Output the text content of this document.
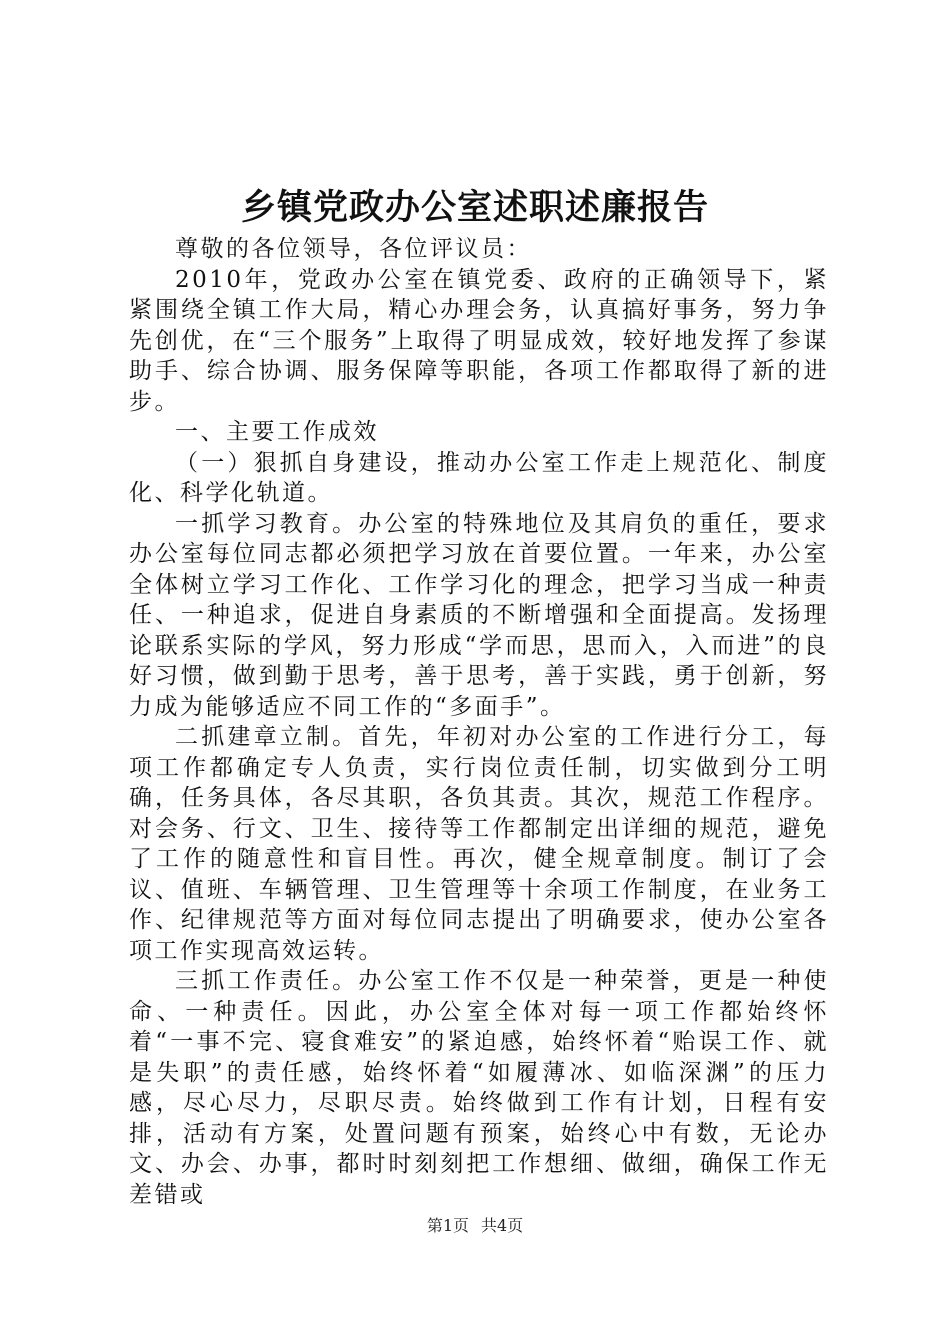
乡镇党政办公室述职述廉报告

尊敬的各位领导，各位评议员：

2010年，党政办公室在镇党委、政府的正确领导下，紧紧围绕全镇工作大局，精心办理会务，认真搞好事务，努力争先创优，在“三个服务”上取得了明显成效，较好地发挥了参谋助手、综合协调、服务保障等职能，各项工作都取得了新的进步。

一、主要工作成效

（一）狠抓自身建设，推动办公室工作走上规范化、制度化、科学化轨道。

一抓学习教育。办公室的特殊地位及其肩负的重任，要求办公室每位同志都必须把学习放在首要位置。一年来，办公室全体树立学习工作化、工作学习化的理念，把学习当成一种责任、一种追求，促进自身素质的不断增强和全面提高。发扬理论联系实际的学风，努力形成“学而思，思而入，入而进”的良好习惯，做到勤于思考，善于思考，善于实践，勇于创新，努力成为能够适应不同工作的“多面手”。

二抓建章立制。首先，年初对办公室的工作进行分工，每项工作都确定专人负责，实行岗位责任制，切实做到分工明确，任务具体，各尽其职，各负其责。其次，规范工作程序。对会务、行文、卫生、接待等工作都制定出详细的规范，避免了工作的随意性和盲目性。再次，健全规章制度。制订了会议、值班、车辆管理、卫生管理等十余项工作制度，在业务工作、纪律规范等方面对每位同志提出了明确要求，使办公室各项工作实现高效运转。

三抓工作责任。办公室工作不仅是一种荣誉，更是一种使命、一种责任。因此，办公室全体对每一项工作都始终怀着“一事不完、寝食难安”的紧迫感，始终怀着“贻误工作、就是失职”的责任感，始终怀着“如履薄冰、如临深渊”的压力感，尽心尽力，尽职尽责。始终做到工作有计划，日程有安排，活动有方案，处置问题有预案，始终心中有数，无论办文、办会、办事，都时时刻刻把工作想细、做细，确保工作无差错或

第1页 共4页
